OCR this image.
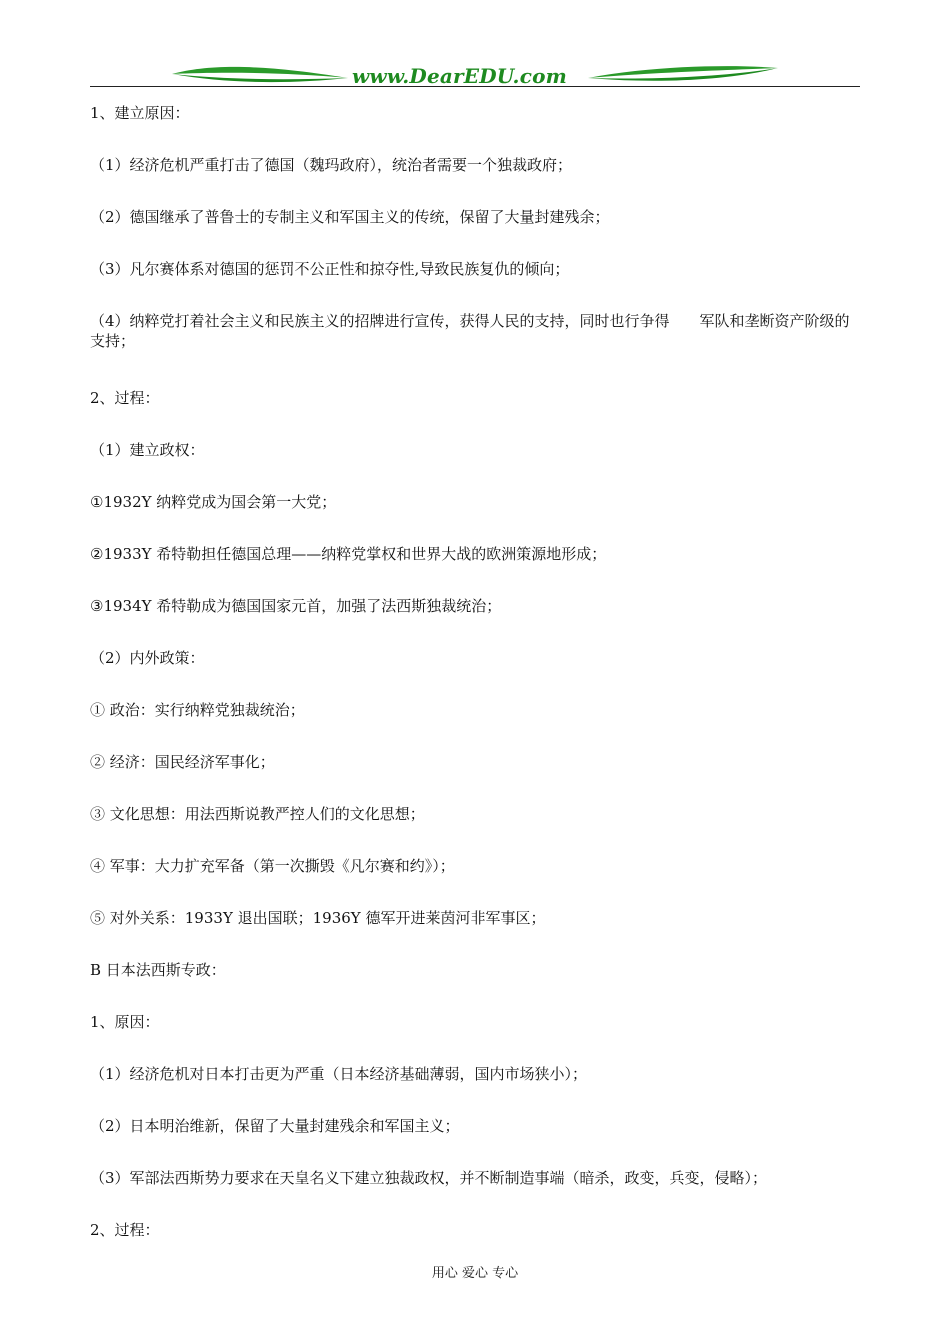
www.DearEDU.com
1、建立原因：
（1）经济危机严重打击了德国（魏玛政府），统治者需要一个独裁政府；
（2）德国继承了普鲁士的专制主义和军国主义的传统，保留了大量封建残余；
（3）凡尔赛体系对德国的惩罚不公正性和掠夺性,导致民族复仇的倾向；
（4）纳粹党打着社会主义和民族主义的招牌进行宣传，获得人民的支持，同时也行争得　　军队和垄断资产阶级的支持；
2、过程：
（1）建立政权：
①1932Y 纳粹党成为国会第一大党；
②1933Y 希特勒担任德国总理——纳粹党掌权和世界大战的欧洲策源地形成；
③1934Y 希特勒成为德国国家元首，加强了法西斯独裁统治；
（2）内外政策：
① 政治：实行纳粹党独裁统治；
② 经济：国民经济军事化；
③ 文化思想：用法西斯说教严控人们的文化思想；
④ 军事：大力扩充军备（第一次撕毁《凡尔赛和约》）；
⑤ 对外关系：1933Y 退出国联；1936Y 德军开进莱茵河非军事区；
B 日本法西斯专政：
1、原因：
（1）经济危机对日本打击更为严重（日本经济基础薄弱，国内市场狭小）；
（2）日本明治维新，保留了大量封建残余和军国主义；
（3）军部法西斯势力要求在天皇名义下建立独裁政权，并不断制造事端（暗杀，政变，兵变，侵略）；
2、过程：
用心 爱心 专心
